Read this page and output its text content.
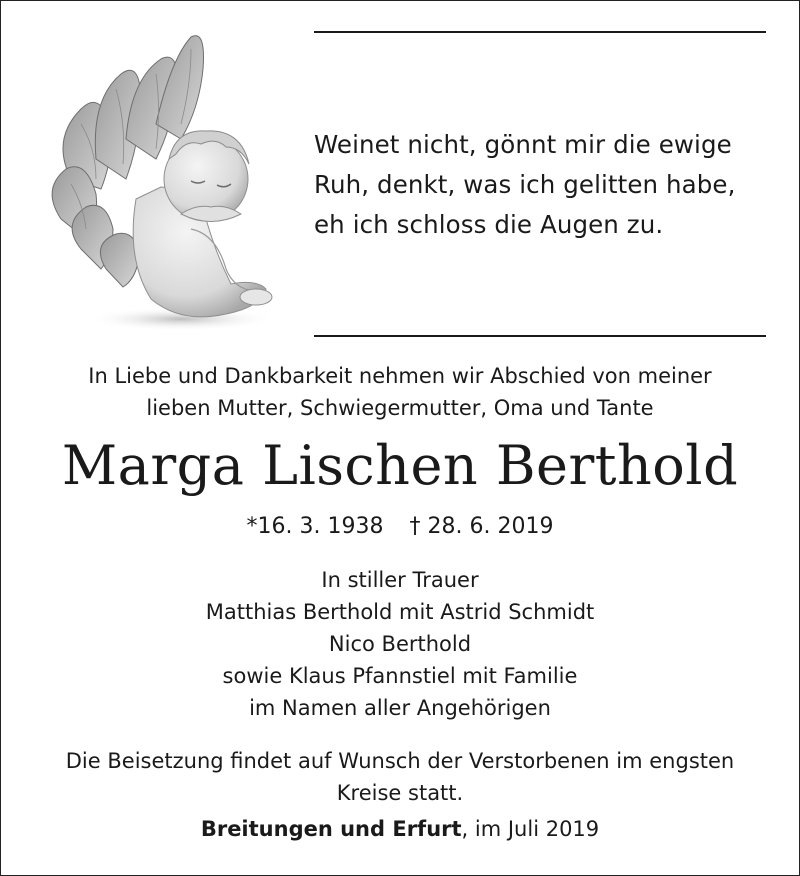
Weinet nicht, gönnt mir die ewige
Ruh, denkt, was ich gelitten habe,
eh ich schloss die Augen zu.
In Liebe und Dankbarkeit nehmen wir Abschied von meiner
lieben Mutter, Schwiegermutter, Oma und Tante
Marga Lischen Berthold
*16. 3. 1938 † 28. 6. 2019
In stiller Trauer
Matthias Berthold mit Astrid Schmidt
Nico Berthold
sowie Klaus Pfannstiel mit Familie
im Namen aller Angehörigen
Die Beisetzung findet auf Wunsch der Verstorbenen im engsten
Kreise statt.
Breitungen und Erfurt, im Juli 2019
